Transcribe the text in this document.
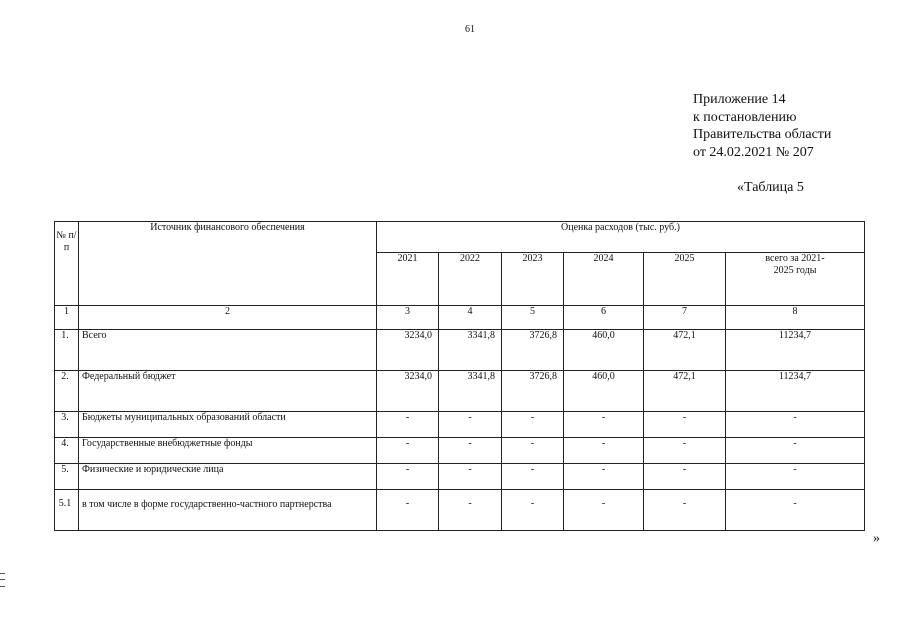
61
Приложение 14
к постановлению
Правительства области
от 24.02.2021 № 207
«Таблица 5
№ п/п	Источник финансового обеспечения	Оценка расходов (тыс. руб.)					
		2021	2022	2023	2024	2025	всего за 2021-2025 годы
1	2	3	4	5	6	7	8
1.	Всего	3234,0	3341,8	3726,8	460,0	472,1	11234,7
2.	Федеральный бюджет	3234,0	3341,8	3726,8	460,0	472,1	11234,7
3.	Бюджеты муниципальных образований области	-	-	-	-	-	-
4.	Государственные внебюджетные фонды	-	-	-	-	-	-
5.	Физические и юридические лица	-	-	-	-	-	-
5.1	в том числе в форме государственно-частного партнерства	-	-	-	-	-	-
»
